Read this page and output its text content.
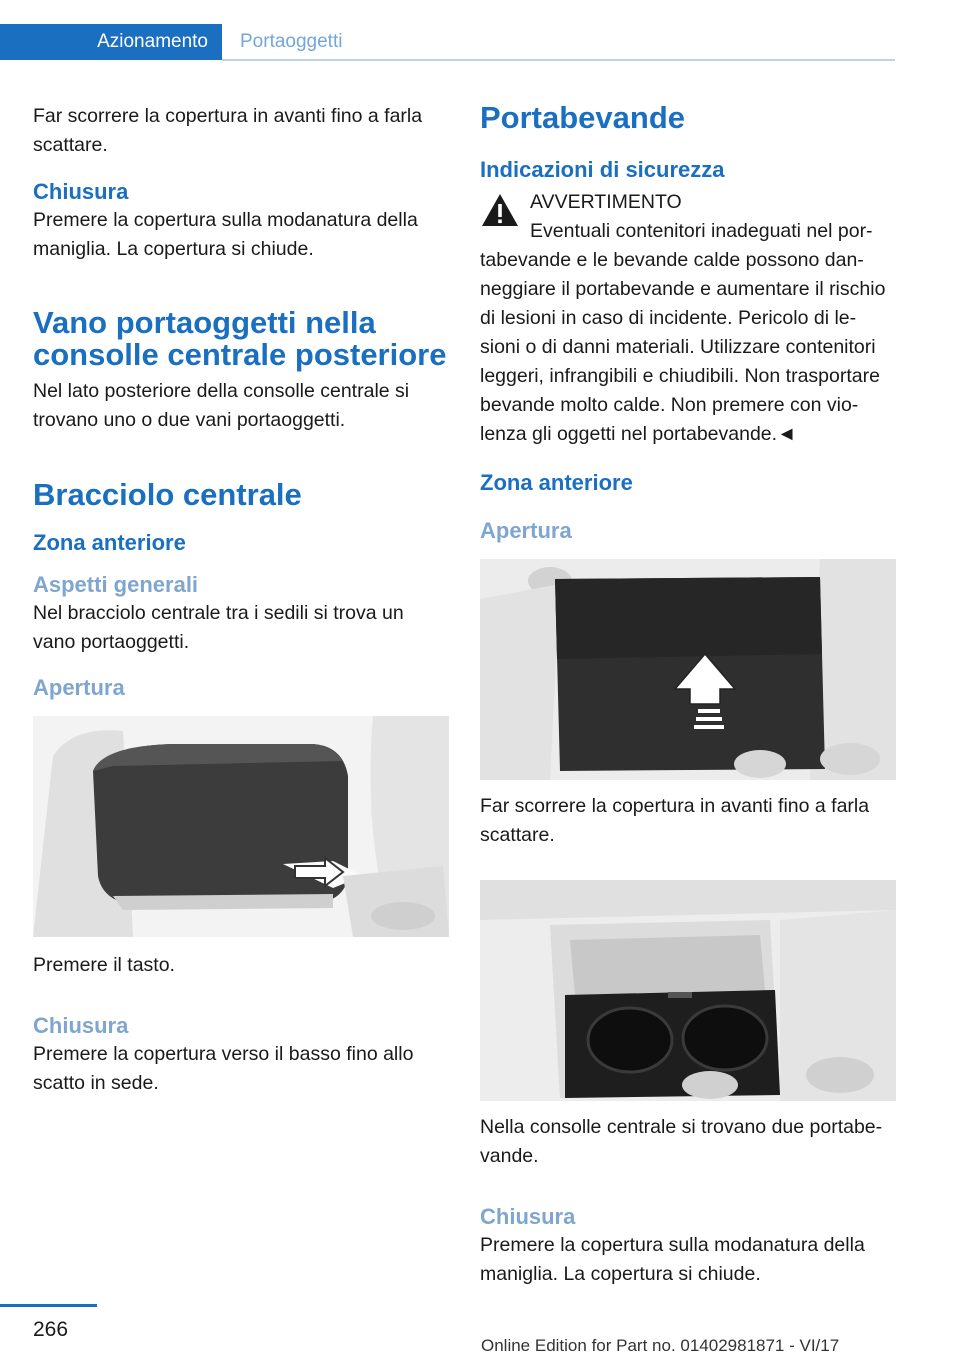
Azionamento Portaoggetti

Far scorrere la copertura in avanti fino a farla scattare.

Chiusura

Premere la copertura sulla modanatura della maniglia. La copertura si chiude.

Vano portaoggetti nella consolle centrale posteriore

Nel lato posteriore della consolle centrale si trovano uno o due vani portaoggetti.

Bracciolo centrale
Zona anteriore
Aspetti generali

Nel bracciolo centrale tra i sedili si trova un vano portaoggetti.

Apertura

Premere il tasto.

Chiusura

Premere la copertura verso il basso fino allo scatto in sede.

Portabevande
Indicazioni di sicurezza

AVVERTIMENTO

Eventuali contenitori inadeguati nel por-

tabevande e le bevande calde possono dan-neggiare il portabevande e aumentare il rischio di lesioni in caso di incidente. Pericolo di le-sioni o di danni materiali. Utilizzare contenitori leggeri, infrangibili e chiudibili. Non trasportare bevande molto calde. Non premere con vio-lenza gli oggetti nel portabevande.◄

Zona anteriore
Apertura

Far scorrere la copertura in avanti fino a farla scattare.

Nella consolle centrale si trovano due portabe-vande.

Chiusura

Premere la copertura sulla modanatura della maniglia. La copertura si chiude.

266
Online Edition for Part no. 01402981871 - VI/17
